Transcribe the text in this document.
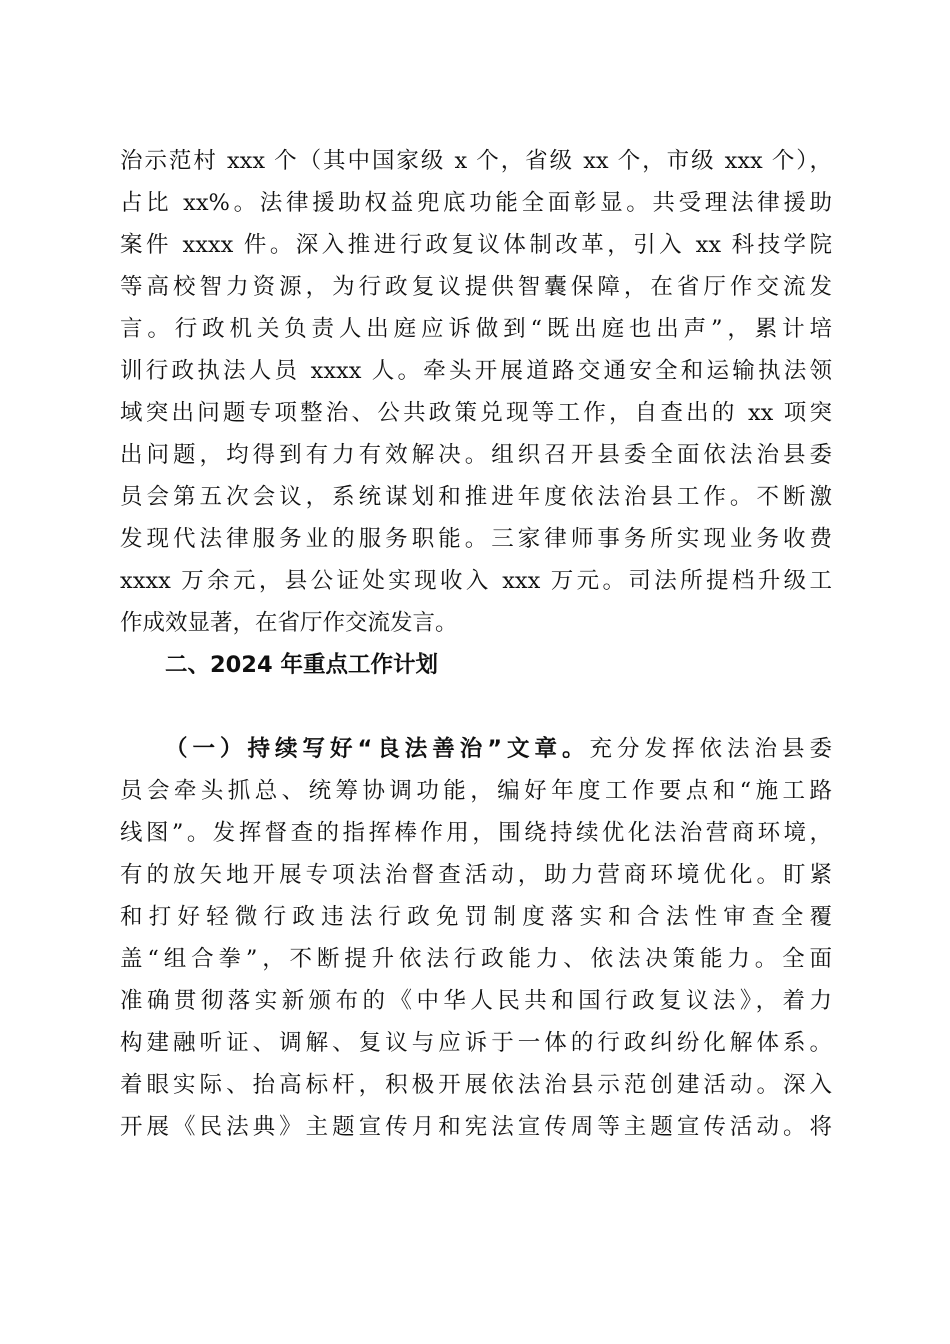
治示范村 xxx 个（其中国家级 x 个，省级 xx 个，市级 xxx 个），
占比 xx%。法律援助权益兜底功能全面彰显。共受理法律援助
案件 xxxx 件。深入推进行政复议体制改革，引入 xx 科技学院
等高校智力资源，为行政复议提供智囊保障，在省厅作交流发
言。行政机关负责人出庭应诉做到“既出庭也出声”，累计培
训行政执法人员 xxxx 人。牵头开展道路交通安全和运输执法领
域突出问题专项整治、公共政策兑现等工作，自查出的 xx 项突
出问题，均得到有力有效解决。组织召开县委全面依法治县委
员会第五次会议，系统谋划和推进年度依法治县工作。不断激
发现代法律服务业的服务职能。三家律师事务所实现业务收费
xxxx 万余元，县公证处实现收入 xxx 万元。司法所提档升级工
作成效显著，在省厅作交流发言。
二、2024 年重点工作计划
（一）持续写好“良法善治”文章。充分发挥依法治县委
员会牵头抓总、统筹协调功能，编好年度工作要点和“施工路
线图”。发挥督查的指挥棒作用，围绕持续优化法治营商环境，
有的放矢地开展专项法治督查活动，助力营商环境优化。盯紧
和打好轻微行政违法行政免罚制度落实和合法性审查全覆
盖“组合拳”，不断提升依法行政能力、依法决策能力。全面
准确贯彻落实新颁布的《中华人民共和国行政复议法》，着力
构建融听证、调解、复议与应诉于一体的行政纠纷化解体系。
着眼实际、抬高标杆，积极开展依法治县示范创建活动。深入
开展《民法典》主题宣传月和宪法宣传周等主题宣传活动。将
